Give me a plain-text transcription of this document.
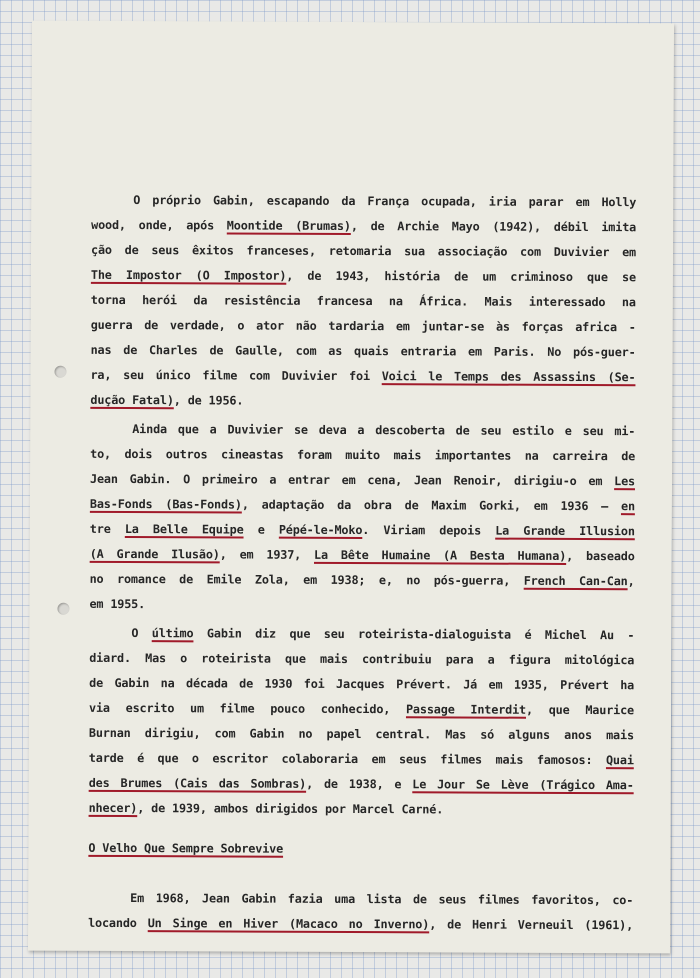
O próprio Gabin, escapando da França ocupada, iria parar em Holly
wood, onde, após Moontide (Brumas), de Archie Mayo (1942), débil imita
ção de seus êxitos franceses, retomaria sua associação com Duvivier em
The Impostor (O Impostor), de 1943, história de um criminoso que se
torna herói da resistência francesa na África. Mais interessado na
guerra de verdade, o ator não tardaria em juntar-se às forças africa -
nas de Charles de Gaulle, com as quais entraria em Paris. No pós-guer-
ra, seu único filme com Duvivier foi Voici le Temps des Assassins (Se-
dução Fatal), de 1956.
Ainda que a Duvivier se deva a descoberta de seu estilo e seu mi-
to, dois outros cineastas foram muito mais importantes na carreira de
Jean Gabin. O primeiro a entrar em cena, Jean Renoir, dirigiu-o em Les
Bas-Fonds (Bas-Fonds), adaptação da obra de Maxim Gorki, em 1936 — en
tre La Belle Equipe e Pépé-le-Moko. Viriam depois La Grande Illusion
(A Grande Ilusão), em 1937, La Bête Humaine (A Besta Humana), baseado
no romance de Emile Zola, em 1938; e, no pós-guerra, French Can-Can,
em 1955.
O último Gabin diz que seu roteirista-dialoguista é Michel Au -
diard. Mas o roteirista que mais contribuiu para a figura mitológica
de Gabin na década de 1930 foi Jacques Prévert. Já em 1935, Prévert ha
via escrito um filme pouco conhecido, Passage Interdit, que Maurice
Burnan dirigiu, com Gabin no papel central. Mas só alguns anos mais
tarde é que o escritor colaboraria em seus filmes mais famosos: Quai
des Brumes (Cais das Sombras), de 1938, e Le Jour Se Lève (Trágico Ama-
nhecer), de 1939, ambos dirigidos por Marcel Carné.
O Velho Que Sempre Sobrevive
Em 1968, Jean Gabin fazia uma lista de seus filmes favoritos, co-
locando Un Singe en Hiver (Macaco no Inverno), de Henri Verneuil (1961),
